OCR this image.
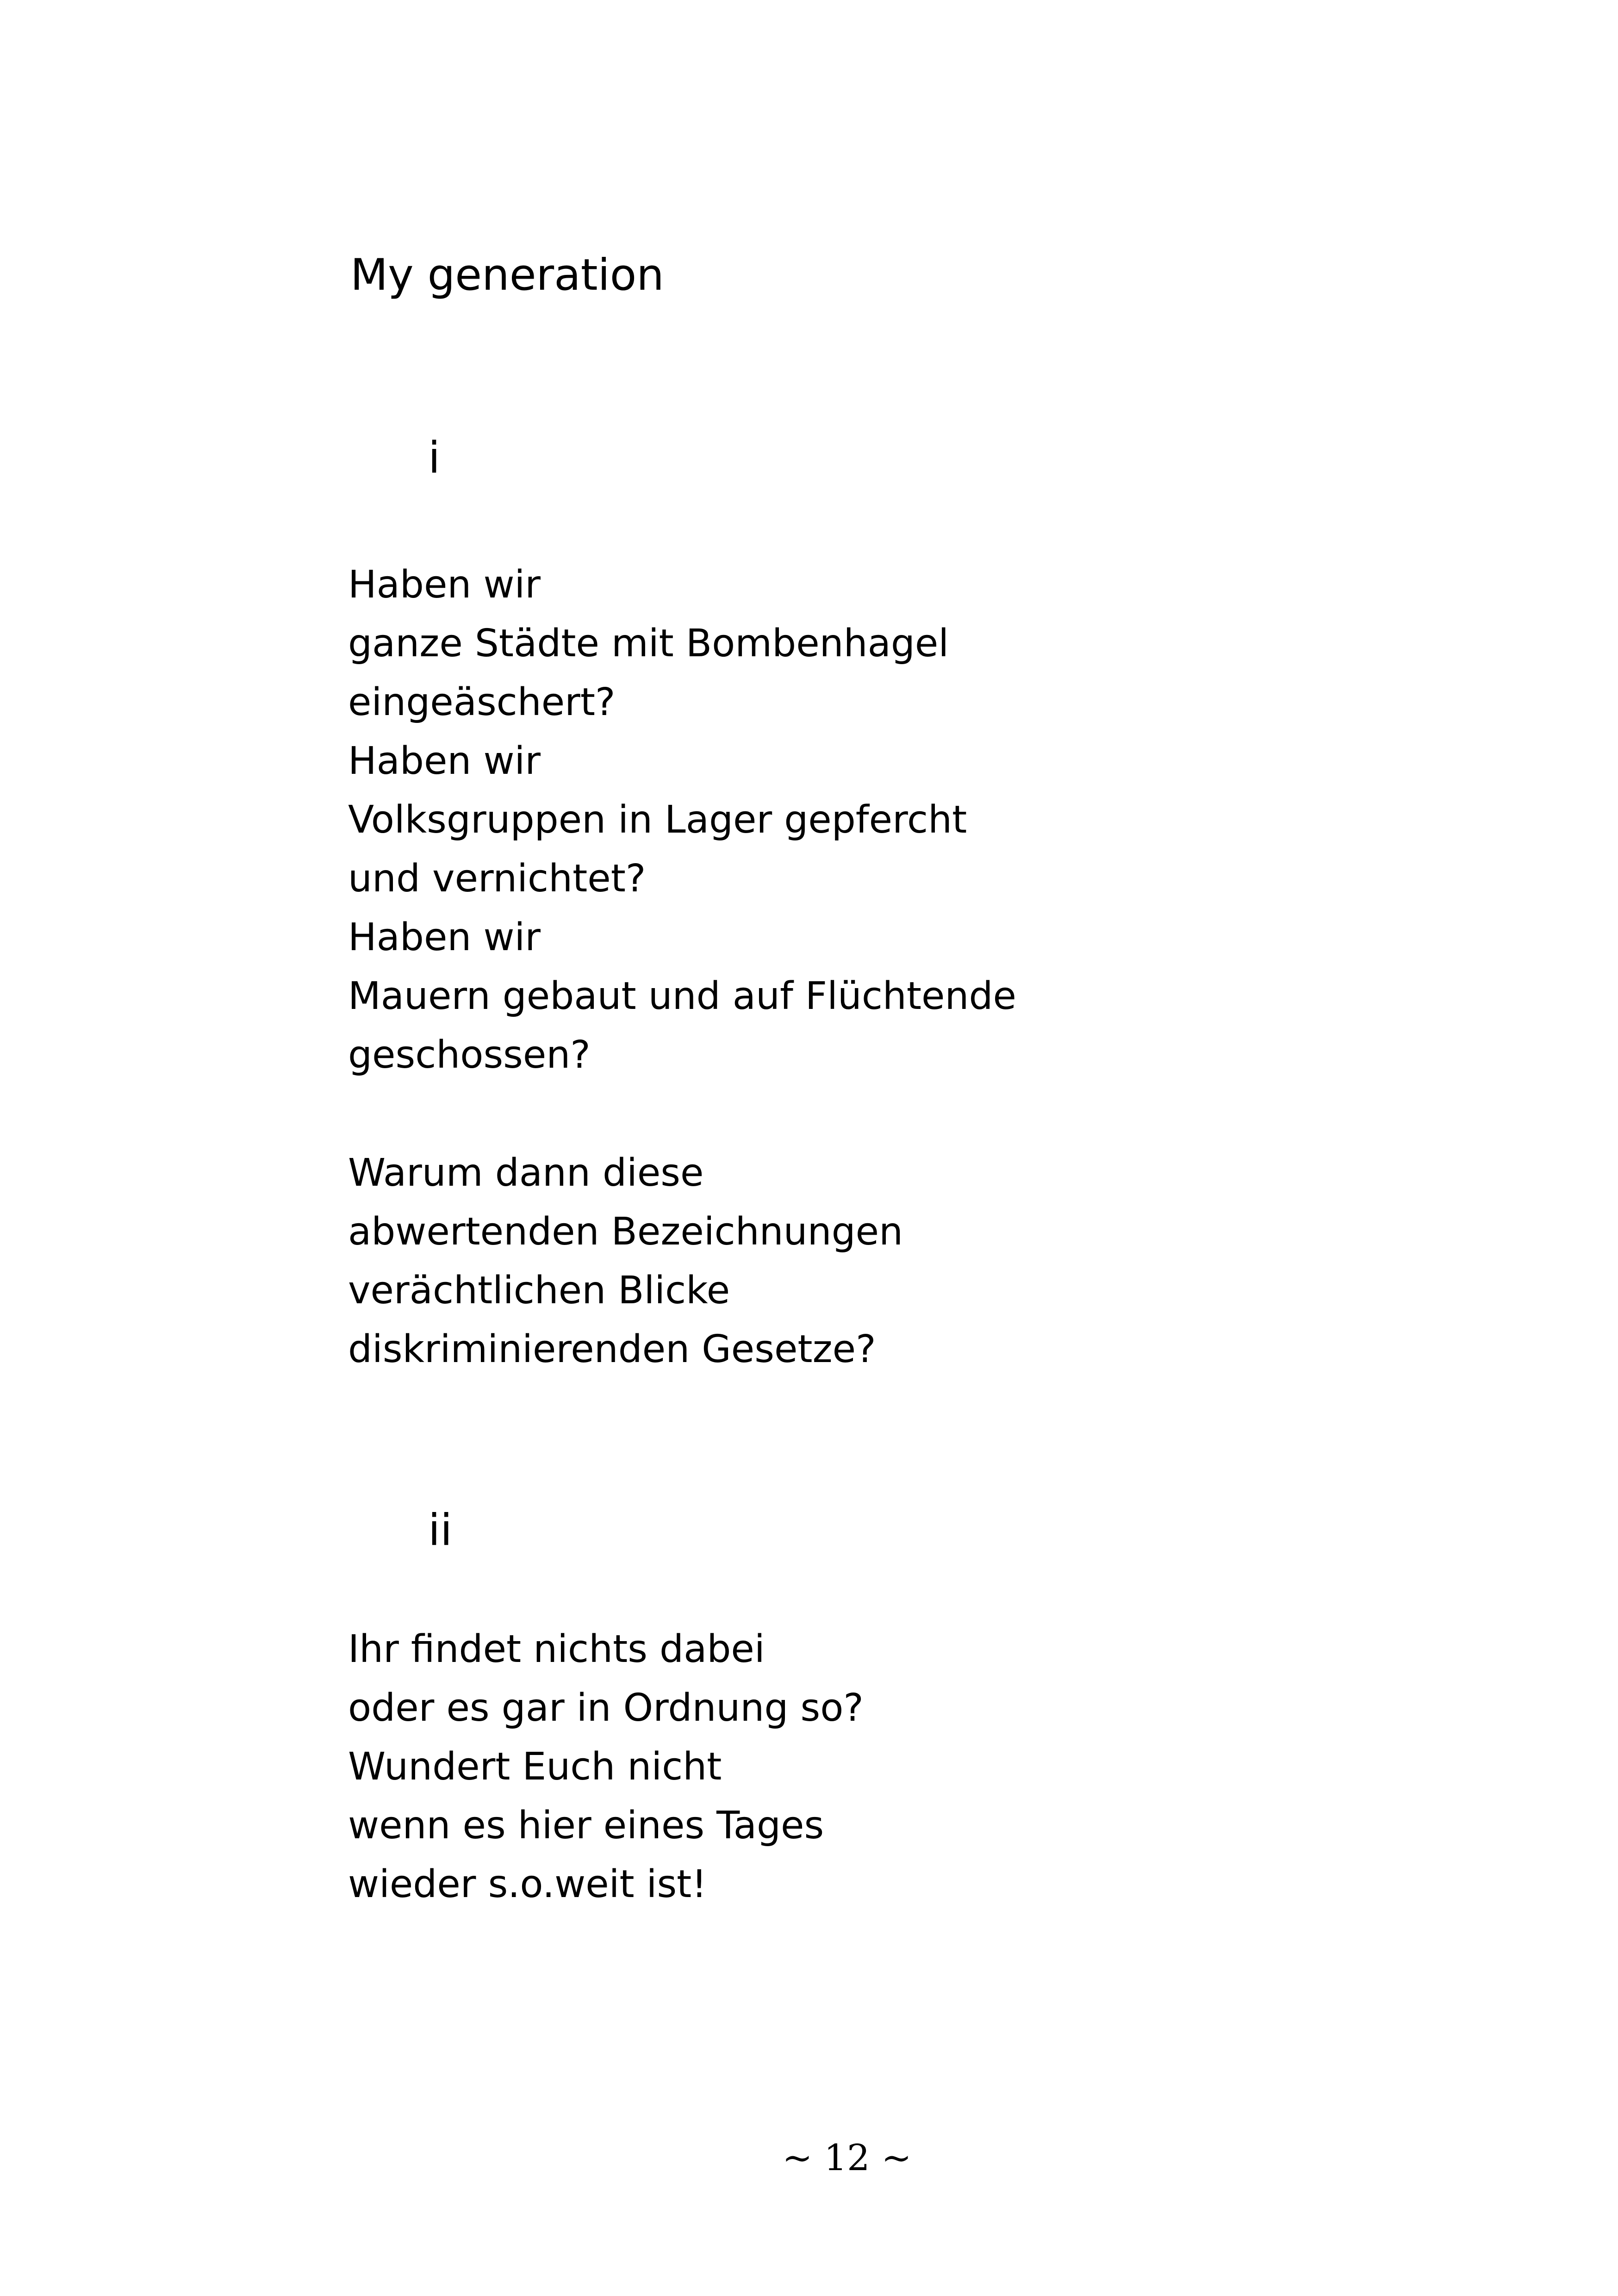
My generation
i
Haben wir
ganze Städte mit Bombenhagel
eingeäschert?
Haben wir
Volksgruppen in Lager gepfercht
und vernichtet?
Haben wir
Mauern gebaut und auf Flüchtende
geschossen?
Warum dann diese
abwertenden Bezeichnungen
verächtlichen Blicke
diskriminierenden Gesetze?
ii
Ihr findet nichts dabei
oder es gar in Ordnung so?
Wundert Euch nicht
wenn es hier eines Tages
wieder s.o.weit ist!
~ 12 ~
